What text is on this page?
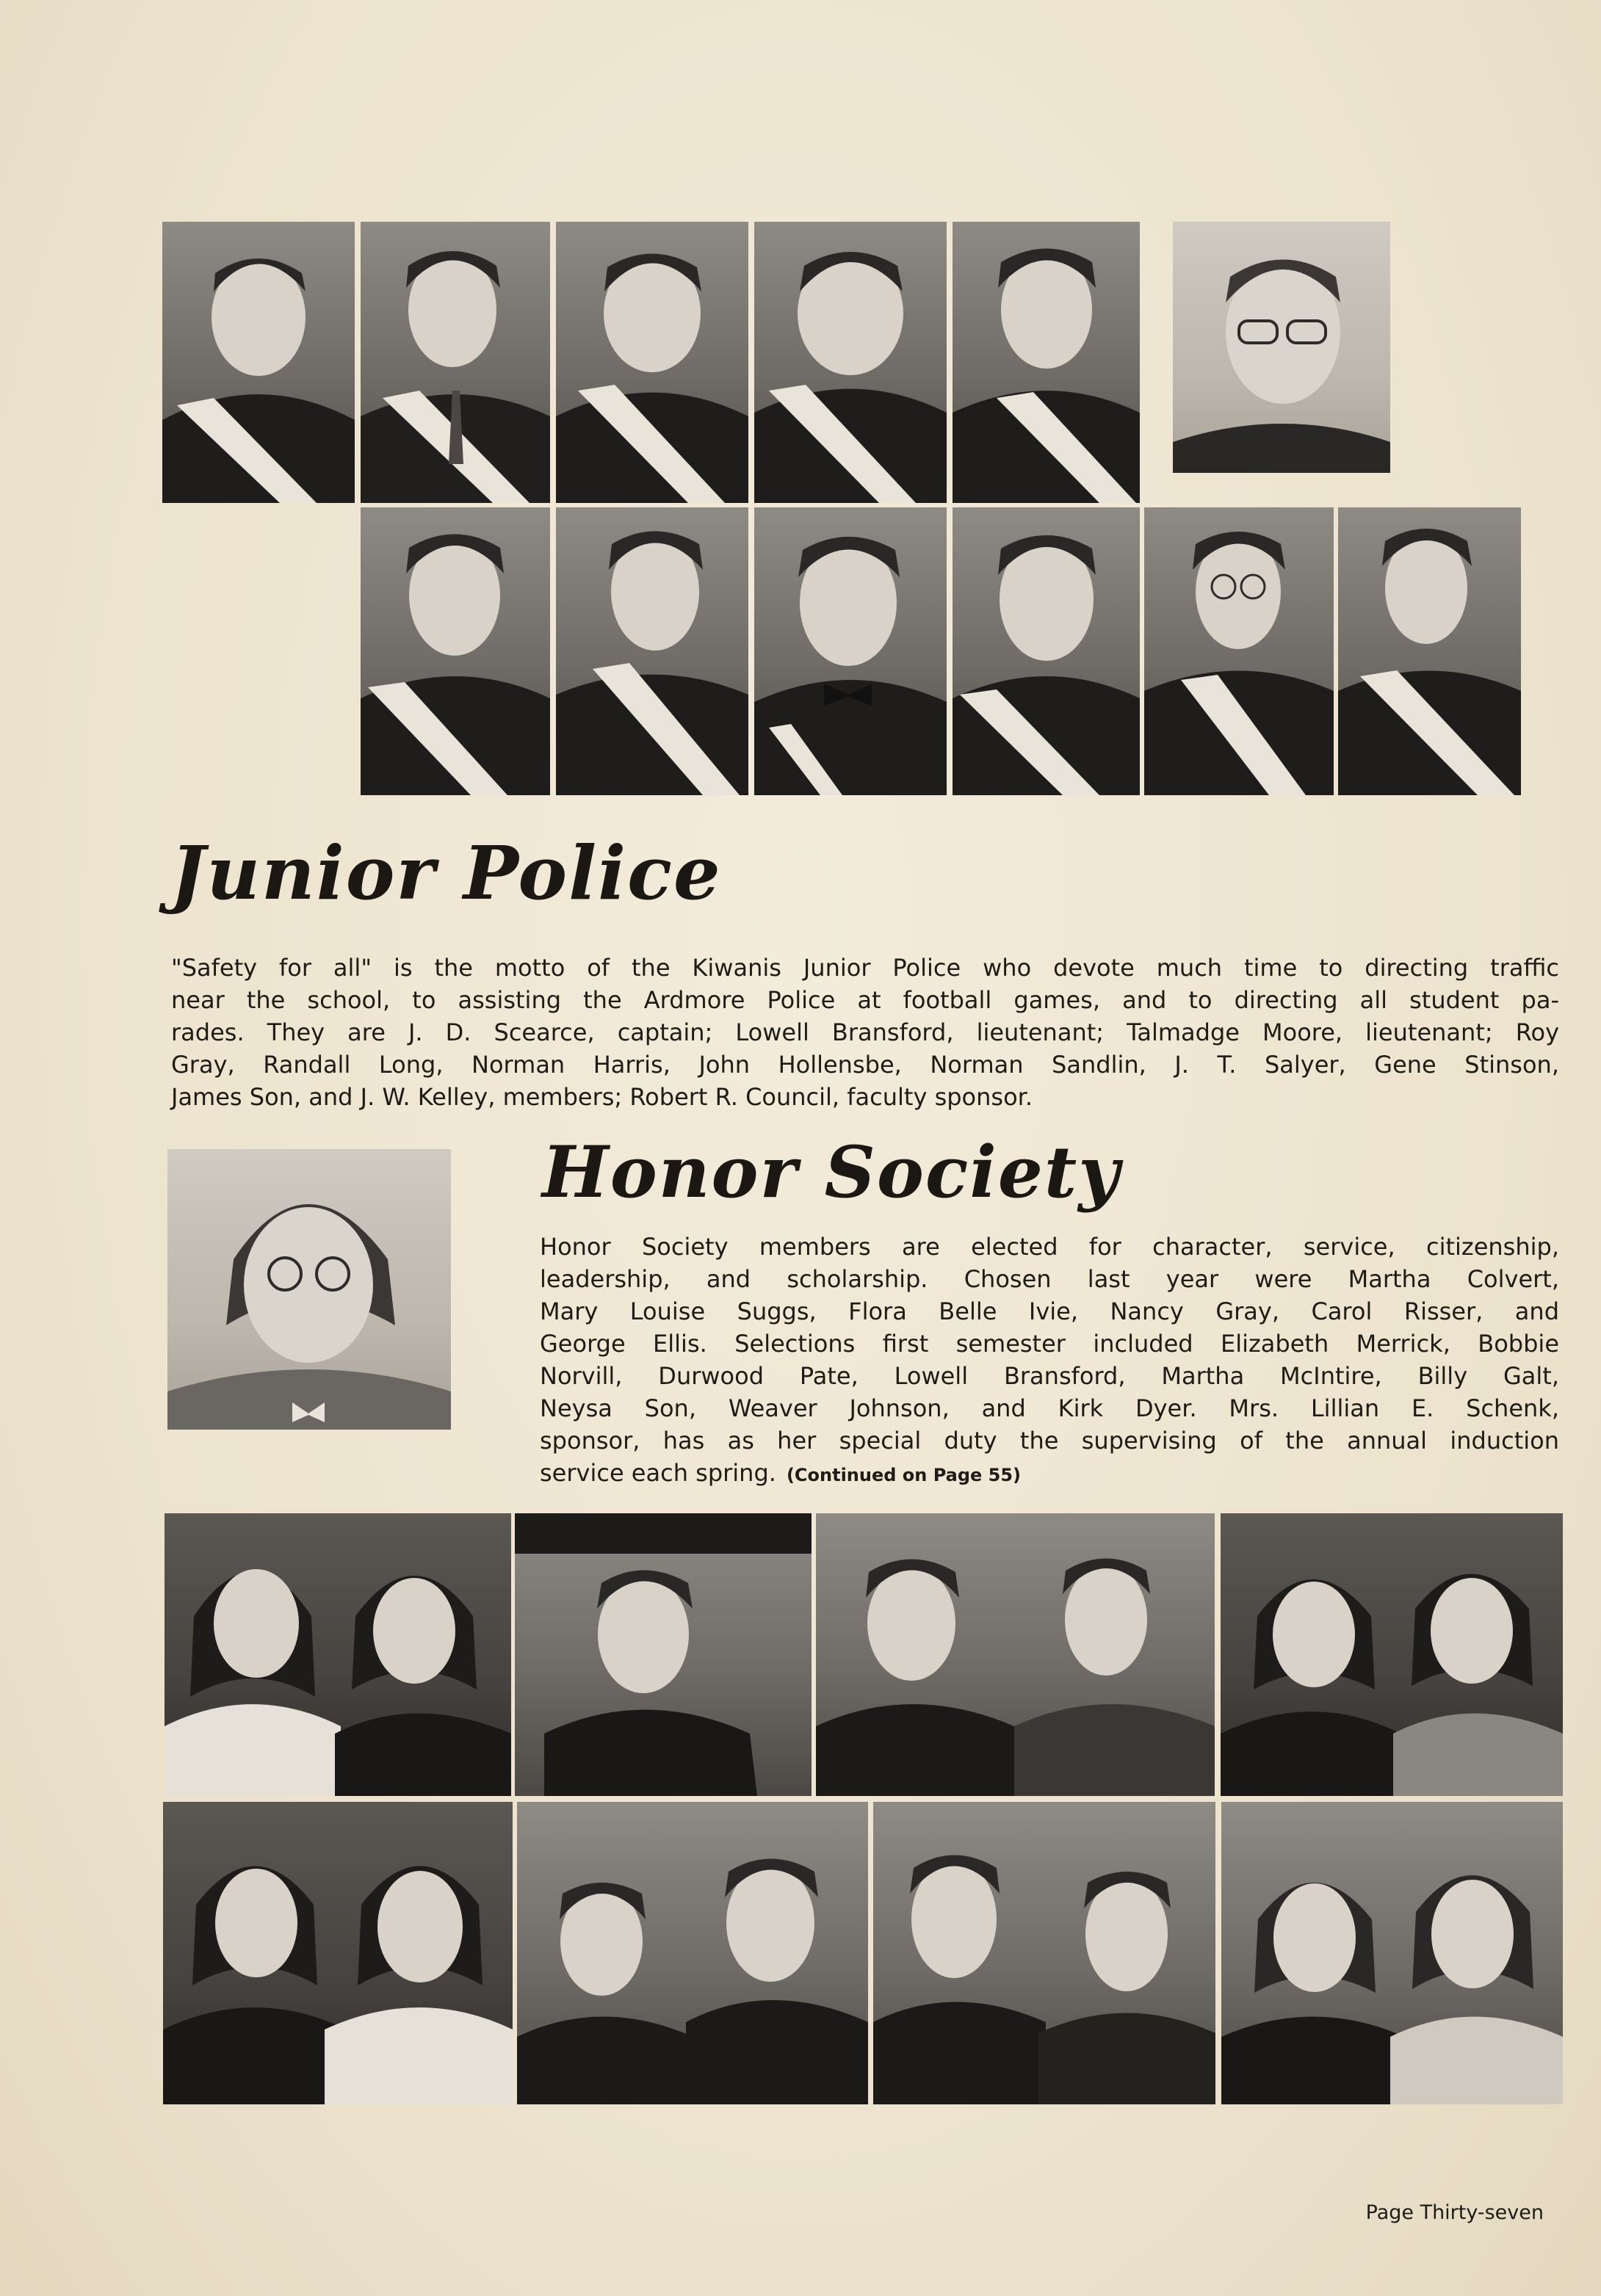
Junior Police

"Safety for all" is the motto of the Kiwanis Junior Police who devote much time to directing traffic
near the school, to assisting the Ardmore Police at football games, and to directing all student pa-
rades. They are J. D. Scearce, captain; Lowell Bransford, lieutenant; Talmadge Moore, lieutenant; Roy
Gray, Randall Long, Norman Harris, John Hollensbe, Norman Sandlin, J. T. Salyer, Gene Stinson,
James Son, and J. W. Kelley, members; Robert R. Council, faculty sponsor.

Honor Society

Honor Society members are elected for character, service, citizenship,
leadership, and scholarship. Chosen last year were Martha Colvert,
Mary Louise Suggs, Flora Belle Ivie, Nancy Gray, Carol Risser, and
George Ellis. Selections first semester included Elizabeth Merrick, Bobbie
Norvill, Durwood Pate, Lowell Bransford, Martha McIntire, Billy Galt,
Neysa Son, Weaver Johnson, and Kirk Dyer. Mrs. Lillian E. Schenk,
sponsor, has as her special duty the supervising of the annual induction
service each spring. (Continued on Page 55)

Page Thirty-seven
